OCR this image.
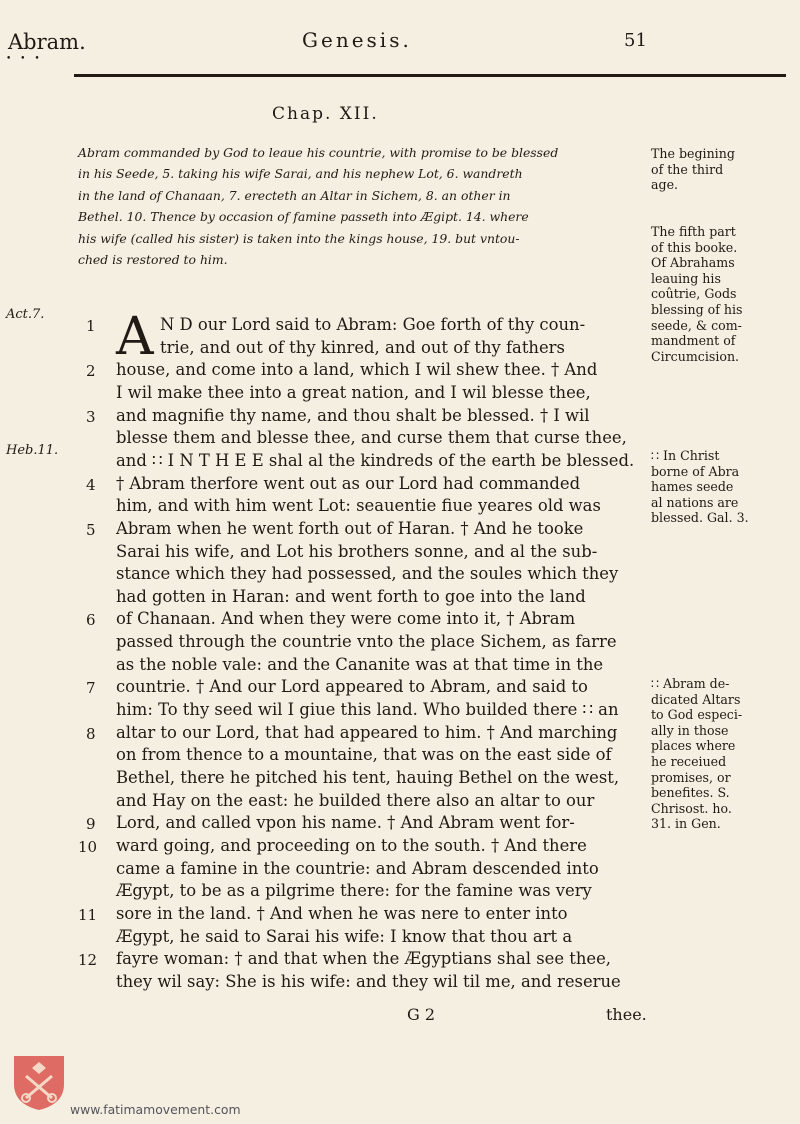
Abram.	Genesis.	51
• • •
Chap. XII.
Abram commanded by God to leaue his countrie, with promise to be blessed
in his Seede, 5. taking his wife Sarai, and his nephew Lot, 6. wandreth
in the land of Chanaan, 7. erecteth an Altar in Sichem, 8. an other in
Bethel. 10. Thence by occasion of famine passeth into Ægipt. 14. where
his wife (called his sister) is taken into the kings house, 19. but vntou-
ched is restored to him.
A N D our Lord said to Abram: Goe forth of thy coun-
trie, and out of thy kinred, and out of thy fathers
house, and come into a land, which I wil shew thee. † And
I wil make thee into a great nation, and I wil blesse thee,
and magnifie thy name, and thou shalt be blessed. † I wil
blesse them and blesse thee, and curse them that curse thee,
and ∷ I N T H E E shal al the kindreds of the earth be blessed.
† Abram therfore went out as our Lord had commanded
him, and with him went Lot: seauentie fiue yeares old was
Abram when he went forth out of Haran. † And he tooke
Sarai his wife, and Lot his brothers sonne, and al the sub-
stance which they had possessed, and the soules which they
had gotten in Haran: and went forth to goe into the land
of Chanaan. And when they were come into it, † Abram
passed through the countrie vnto the place Sichem, as farre
as the noble vale: and the Cananite was at that time in the
countrie. † And our Lord appeared to Abram, and said to
him: To thy seed wil I giue this land. Who builded there ∷ an
altar to our Lord, that had appeared to him. † And marching
on from thence to a mountaine, that was on the east side of
Bethel, there he pitched his tent, hauing Bethel on the west,
and Hay on the east: he builded there also an altar to our
Lord, and called vpon his name. † And Abram went for-
ward going, and proceeding on to the south. † And there
came a famine in the countrie: and Abram descended into
Ægypt, to be as a pilgrime there: for the famine was very
sore in the land. † And when he was nere to enter into
Ægypt, he said to Sarai his wife: I know that thou art a
fayre woman: † and that when the Ægyptians shal see thee,
they wil say: She is his wife: and they wil til me, and reserue
1
2
3
4
5
6
7
8
9
10
11
12
Act.7.
Heb.11.
The begining
of the third
age.
The fifth part
of this booke.
Of Abrahams
leauing his
coûtrie, Gods
blessing of his
seede, & com-
mandment of
Circumcision.
∷ In Christ
borne of Abra
hames seede
al nations are
blessed. Gal. 3.
∷ Abram de-
dicated Altars
to God especi-
ally in those
places where
he receiued
promises, or
benefites. S.
Chrisost. ho.
31. in Gen.
G 2	thee.
www.fatimamovement.com
